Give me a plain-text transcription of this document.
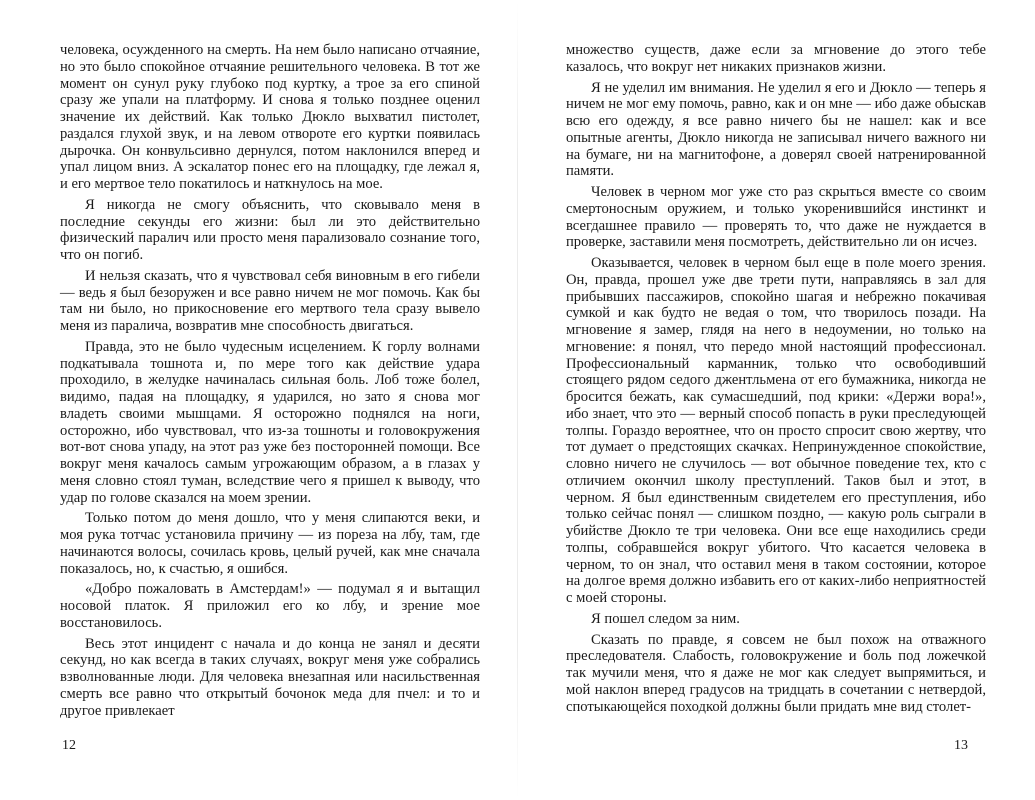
человека, осужденного на смерть. На нем было написано отчаяние, но это было спокойное отчаяние решительного человека. В тот же момент он сунул руку глубоко под куртку, а трое за его спиной сразу же упали на платформу. И снова я только позднее оценил значение их действий. Как только Дюкло выхватил пистолет, раздался глухой звук, и на левом отвороте его куртки появилась дырочка. Он конвульсивно дернулся, потом наклонился вперед и упал лицом вниз. А эскалатор понес его на площадку, где лежал я, и его мертвое тело покатилось и наткнулось на мое.

Я никогда не смогу объяснить, что сковывало меня в последние секунды его жизни: был ли это действительно физический паралич или просто меня парализовало сознание того, что он погиб.

И нельзя сказать, что я чувствовал себя виновным в его гибели — ведь я был безоружен и все равно ничем не мог помочь. Как бы там ни было, но прикосновение его мертвого тела сразу вывело меня из паралича, возвратив мне способность двигаться.

Правда, это не было чудесным исцелением. К горлу волнами подкатывала тошнота и, по мере того как действие удара проходило, в желудке начиналась сильная боль. Лоб тоже болел, видимо, падая на площадку, я ударился, но зато я снова мог владеть своими мышцами. Я осторожно поднялся на ноги, осторожно, ибо чувствовал, что из-за тошноты и головокружения вот-вот снова упаду, на этот раз уже без посторонней помощи. Все вокруг меня качалось самым угрожающим образом, а в глазах у меня словно стоял туман, вследствие чего я пришел к выводу, что удар по голове сказался на моем зрении.

Только потом до меня дошло, что у меня слипаются веки, и моя рука тотчас установила причину — из пореза на лбу, там, где начинаются волосы, сочилась кровь, целый ручей, как мне сначала показалось, но, к счастью, я ошибся.

«Добро пожаловать в Амстердам!» — подумал я и вытащил носовой платок. Я приложил его ко лбу, и зрение мое восстановилось.

Весь этот инцидент с начала и до конца не занял и десяти секунд, но как всегда в таких случаях, вокруг меня уже собрались взволнованные люди. Для человека внезапная или насильственная смерть все равно что открытый бочонок меда для пчел: и то и другое привлекает

множество существ, даже если за мгновение до этого тебе казалось, что вокруг нет никаких признаков жизни.

Я не уделил им внимания. Не уделил я его и Дюкло — теперь я ничем не мог ему помочь, равно, как и он мне — ибо даже обыскав всю его одежду, я все равно ничего бы не нашел: как и все опытные агенты, Дюкло никогда не записывал ничего важного ни на бумаге, ни на магнитофоне, а доверял своей натренированной памяти.

Человек в черном мог уже сто раз скрыться вместе со своим смертоносным оружием, и только укоренившийся инстинкт и всегдашнее правило — проверять то, что даже не нуждается в проверке, заставили меня посмотреть, действительно ли он исчез.

Оказывается, человек в черном был еще в поле моего зрения. Он, правда, прошел уже две трети пути, направляясь в зал для прибывших пассажиров, спокойно шагая и небрежно покачивая сумкой и как будто не ведая о том, что творилось позади. На мгновение я замер, глядя на него в недоумении, но только на мгновение: я понял, что передо мной настоящий профессионал. Профессиональный карманник, только что освободивший стоящего рядом седого джентльмена от его бумажника, никогда не бросится бежать, как сумасшедший, под крики: «Держи вора!», ибо знает, что это — верный способ попасть в руки преследующей толпы. Гораздо вероятнее, что он просто спросит свою жертву, что тот думает о предстоящих скачках. Непринужденное спокойствие, словно ничего не случилось — вот обычное поведение тех, кто с отличием окончил школу преступлений. Таков был и этот, в черном. Я был единственным свидетелем его преступления, ибо только сейчас понял — слишком поздно, — какую роль сыграли в убийстве Дюкло те три человека. Они все еще находились среди толпы, собравшейся вокруг убитого. Что касается человека в черном, то он знал, что оставил меня в таком состоянии, которое на долгое время должно избавить его от каких-либо неприятностей с моей стороны.

Я пошел следом за ним.

Сказать по правде, я совсем не был похож на отважного преследователя. Слабость, головокружение и боль под ложечкой так мучили меня, что я даже не мог как следует выпрямиться, и мой наклон вперед градусов на тридцать в сочетании с нетвердой, спотыкающейся походкой должны были придать мне вид столет-

12	13
